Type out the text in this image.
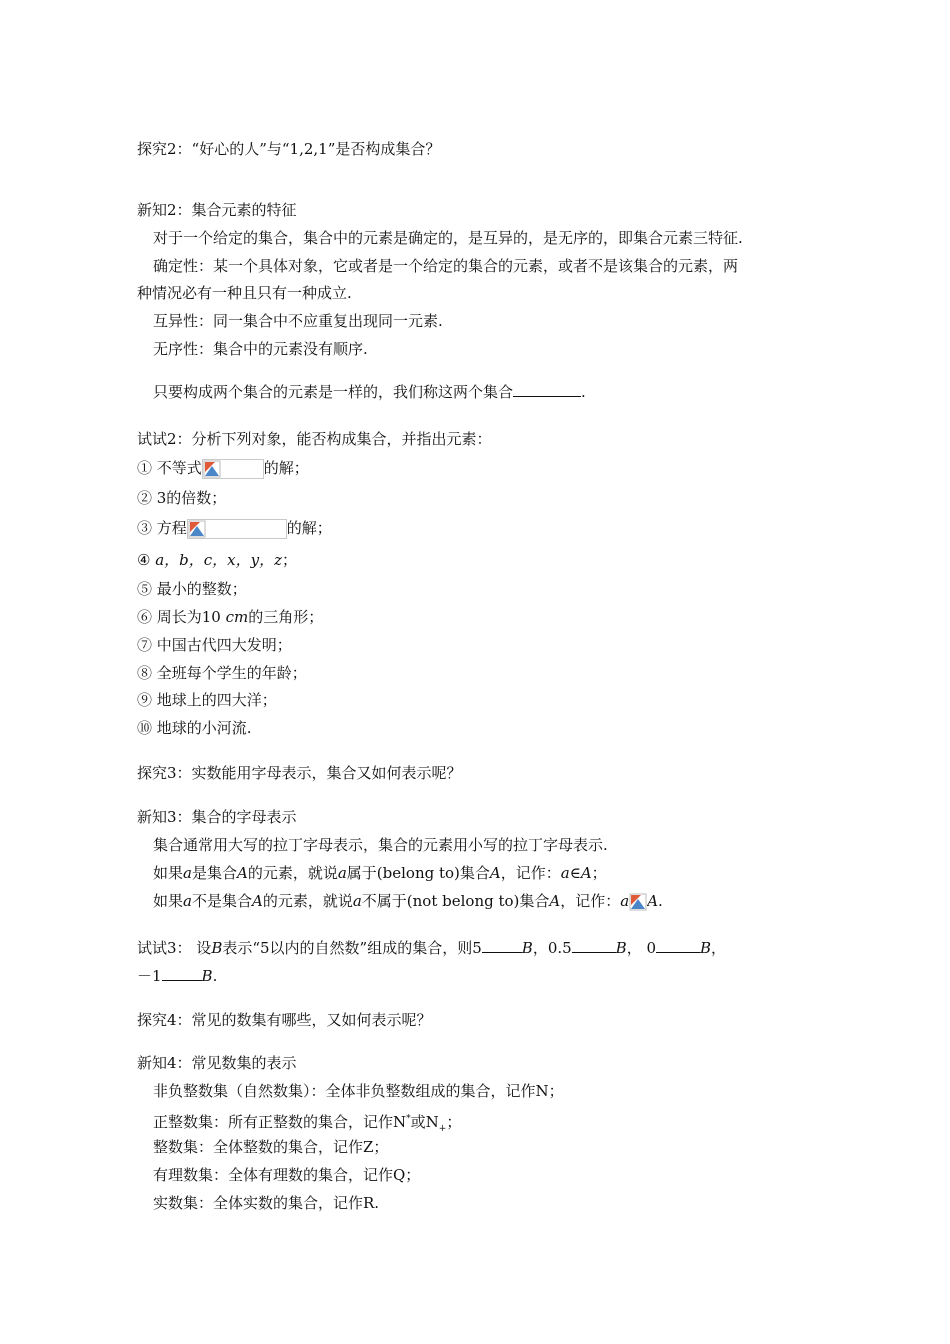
探究2：“好心的人”与“1,2,1”是否构成集合？
新知2：集合元素的特征
对于一个给定的集合，集合中的元素是确定的，是互异的，是无序的，即集合元素三特征.
确定性：某一个具体对象，它或者是一个给定的集合的元素，或者不是该集合的元素，两
种情况必有一种且只有一种成立.
互异性：同一集合中不应重复出现同一元素.
无序性：集合中的元素没有顺序.
只要构成两个集合的元素是一样的，我们称这两个集合	.
试试2：分析下列对象，能否构成集合，并指出元素：
① 不等式	的解；
② 3的倍数；
③ 方程	的解；
④ a，b，c，x，y，z；
⑤ 最小的整数；
⑥ 周长为10 cm的三角形；
⑦ 中国古代四大发明；
⑧ 全班每个学生的年龄；
⑨ 地球上的四大洋；
⑩ 地球的小河流.
探究3：实数能用字母表示，集合又如何表示呢？
新知3：集合的字母表示
集合通常用大写的拉丁字母表示，集合的元素用小写的拉丁字母表示.
如果a是集合A的元素，就说a属于(belong to)集合A，记作：a∈A；
如果a不是集合A的元素，就说a不属于(not belong to)集合A，记作：a A.
试试3： 设B表示“5以内的自然数”组成的集合，则5	B，0.5	B， 0	B，
－1	B.
探究4：常见的数集有哪些，又如何表示呢？
新知4：常见数集的表示
非负整数集（自然数集）：全体非负整数组成的集合，记作N；
正整数集：所有正整数的集合，记作N*或$N_+$；
整数集：全体整数的集合，记作Z；
有理数集：全体有理数的集合，记作Q；
实数集：全体实数的集合，记作R.
